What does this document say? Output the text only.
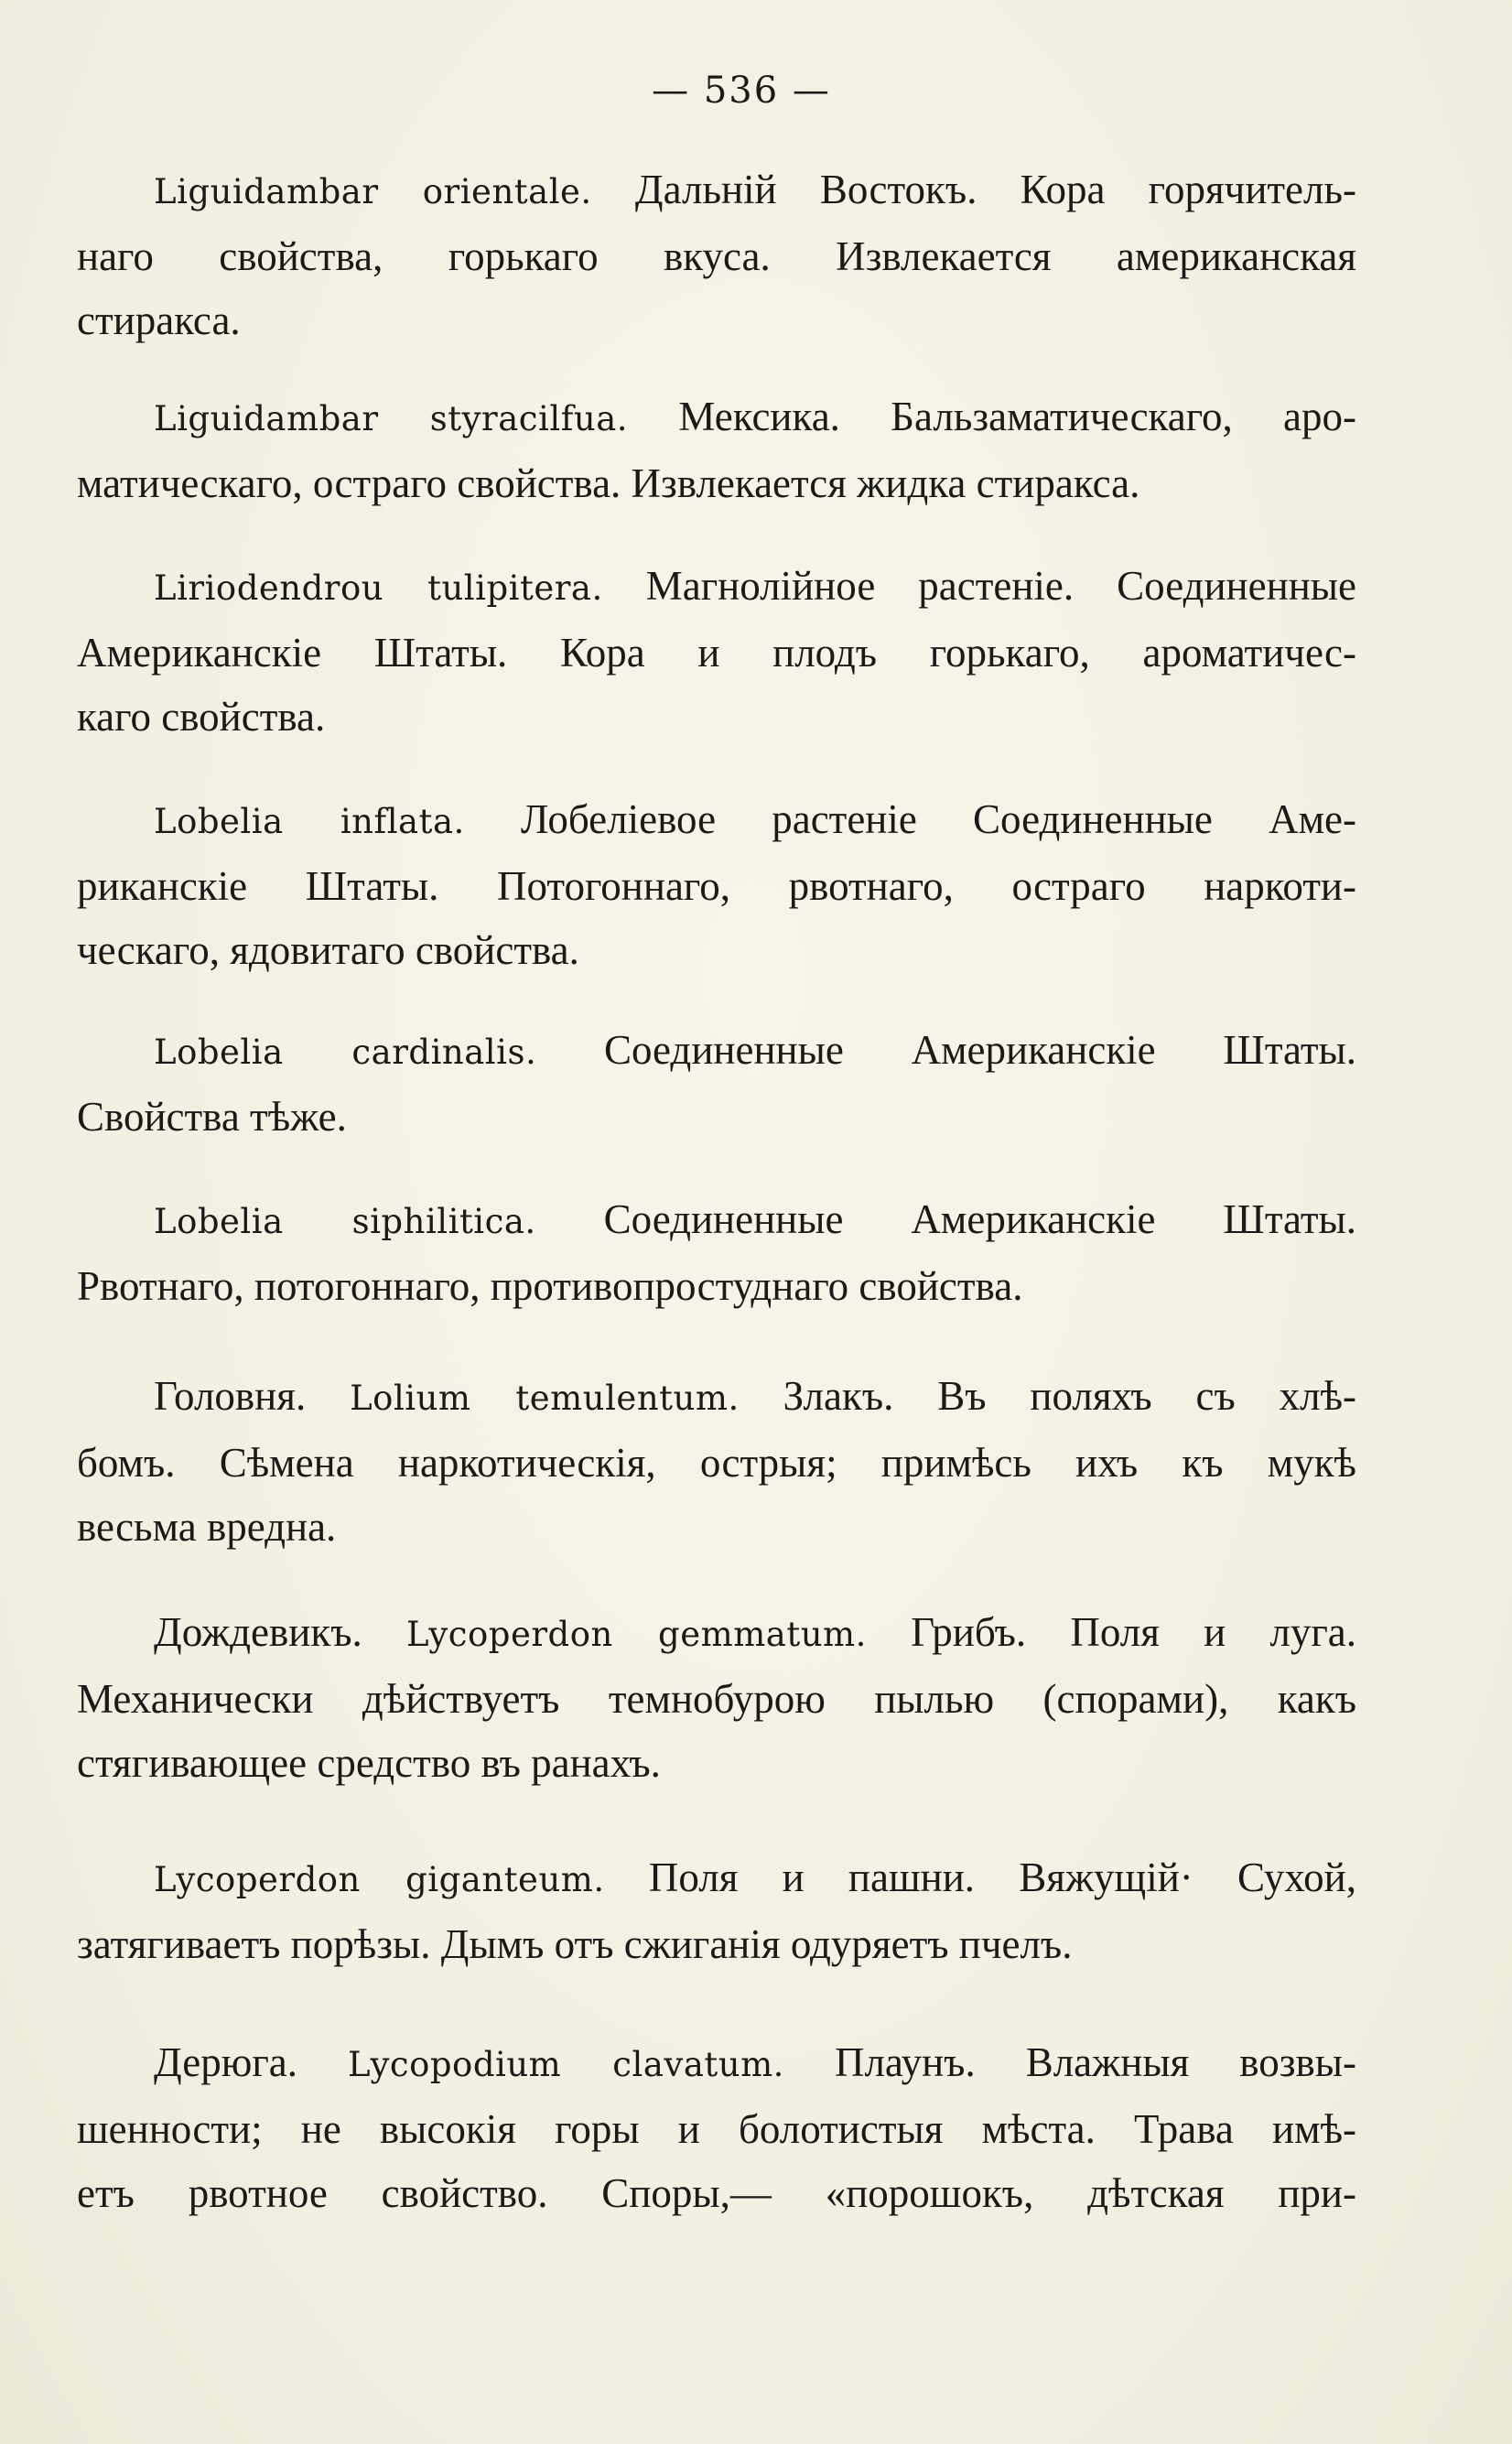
— 536 —

Liguidambar orientale. Дальній Востокъ. Кора горячитель-
наго свойства, горькаго вкуса. Извлекается американская
стиракса.

Liguidambar styracilfua. Мексика. Бальзаматическаго, аро-
матическаго, остраго свойства. Извлекается жидка стиракса.

Liriodendrou tulipitera. Магнолійное растеніе. Соединенные
Американскіе Штаты. Кора и плодъ горькаго, ароматичес-
каго свойства.

Lobelia inflata. Лобеліевое растеніе Соединенные Аме-
риканскіе Штаты. Потогоннаго, рвотнаго, остраго наркоти-
ческаго, ядовитаго свойства.

Lobelia cardinalis. Соединенные Американскіе Штаты.
Свойства тѣже.

Lobelia siphilitica. Соединенные Американскіе Штаты.
Рвотнаго, потогоннаго, противопростуднаго свойства.

Головня. Lolium temulentum. Злакъ. Въ поляхъ съ хлѣ-
бомъ. Сѣмена наркотическія, острыя; примѣсь ихъ къ мукѣ
весьма вредна.

Дождевикъ. Lycoperdon gemmatum. Грибъ. Поля и луга.
Механически дѣйствуетъ темнобурою пылью (спорами), какъ
стягивающее средство въ ранахъ.

Lycoperdon giganteum. Поля и пашни. Вяжущій· Сухой,
затягиваетъ порѣзы. Дымъ отъ сжиганія одуряетъ пчелъ.

Дерюга. Lycopodium clavatum. Плаунъ. Влажныя возвы-
шенности; не высокія горы и болотистыя мѣста. Трава имѣ-
етъ рвотное свойство. Споры,— «порошокъ, дѣтская при-
